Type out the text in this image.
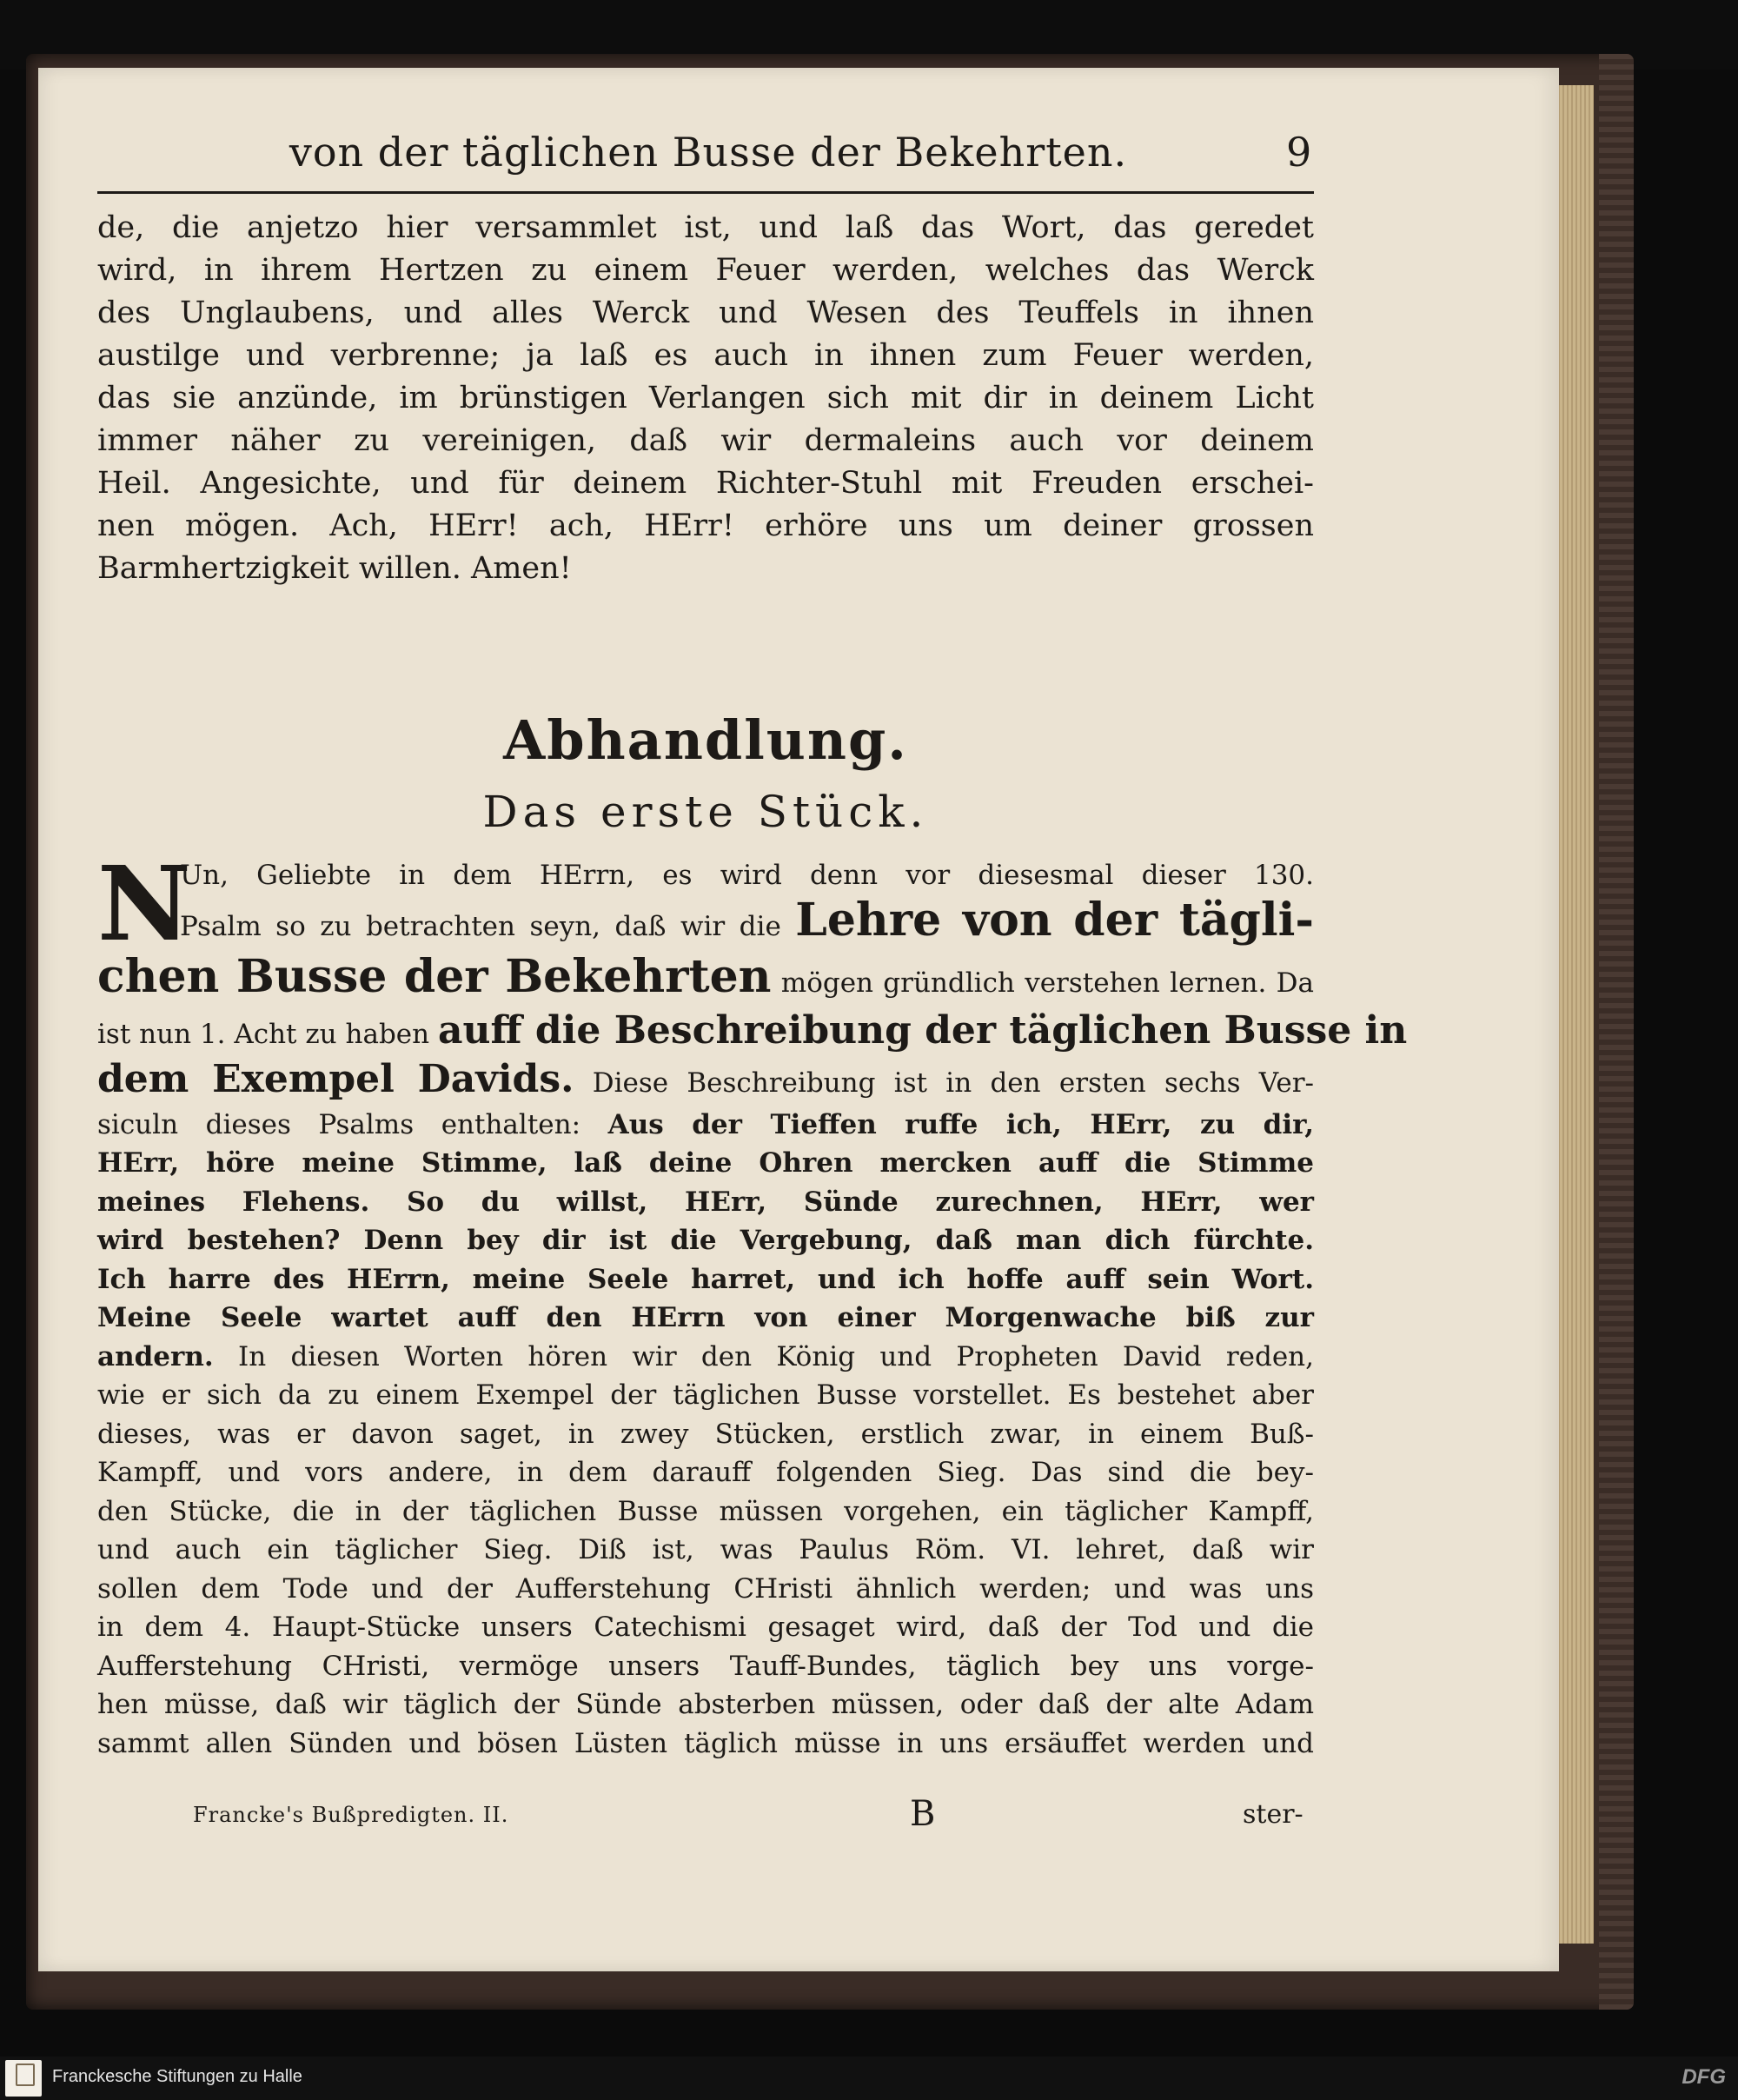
von der täglichen Busse der Bekehrten.	9
de, die anjetzo hier versammlet ist, und laß das Wort, das geredet
wird, in ihrem Hertzen zu einem Feuer werden, welches das Werck
des Unglaubens, und alles Werck und Wesen des Teuffels in ihnen
austilge und verbrenne; ja laß es auch in ihnen zum Feuer werden,
das sie anzünde, im brünstigen Verlangen sich mit dir in deinem Licht
immer näher zu vereinigen, daß wir dermaleins auch vor deinem
Heil. Angesichte, und für deinem Richter-Stuhl mit Freuden erschei-
nen mögen. Ach, HErr! ach, HErr! erhöre uns um deiner grossen
Barmhertzigkeit willen. Amen!
Abhandlung.
Das erste Stück.
N
Un, Geliebte in dem HErrn, es wird denn vor diesesmal dieser 130.
Psalm so zu betrachten seyn, daß wir die Lehre von der tägli-
chen Busse der Bekehrten mögen gründlich verstehen lernen. Da
ist nun 1. Acht zu haben auff die Beschreibung der täglichen Busse in
dem Exempel Davids. Diese Beschreibung ist in den ersten sechs Ver-
siculn dieses Psalms enthalten: Aus der Tieffen ruffe ich, HErr, zu dir,
HErr, höre meine Stimme, laß deine Ohren mercken auff die Stimme
meines Flehens. So du willst, HErr, Sünde zurechnen, HErr, wer
wird bestehen? Denn bey dir ist die Vergebung, daß man dich fürchte.
Ich harre des HErrn, meine Seele harret, und ich hoffe auff sein Wort.
Meine Seele wartet auff den HErrn von einer Morgenwache biß zur
andern. In diesen Worten hören wir den König und Propheten David reden,
wie er sich da zu einem Exempel der täglichen Busse vorstellet. Es bestehet aber
dieses, was er davon saget, in zwey Stücken, erstlich zwar, in einem Buß-
Kampff, und vors andere, in dem darauff folgenden Sieg. Das sind die bey-
den Stücke, die in der täglichen Busse müssen vorgehen, ein täglicher Kampff,
und auch ein täglicher Sieg. Diß ist, was Paulus Röm. VI. lehret, daß wir
sollen dem Tode und der Aufferstehung CHristi ähnlich werden; und was uns
in dem 4. Haupt-Stücke unsers Catechismi gesaget wird, daß der Tod und die
Aufferstehung CHristi, vermöge unsers Tauff-Bundes, täglich bey uns vorge-
hen müsse, daß wir täglich der Sünde absterben müssen, oder daß der alte Adam
sammt allen Sünden und bösen Lüsten täglich müsse in uns ersäuffet werden und
Francke's Bußpredigten. II.	B	ster-
Franckesche Stiftungen zu Halle	DFG
